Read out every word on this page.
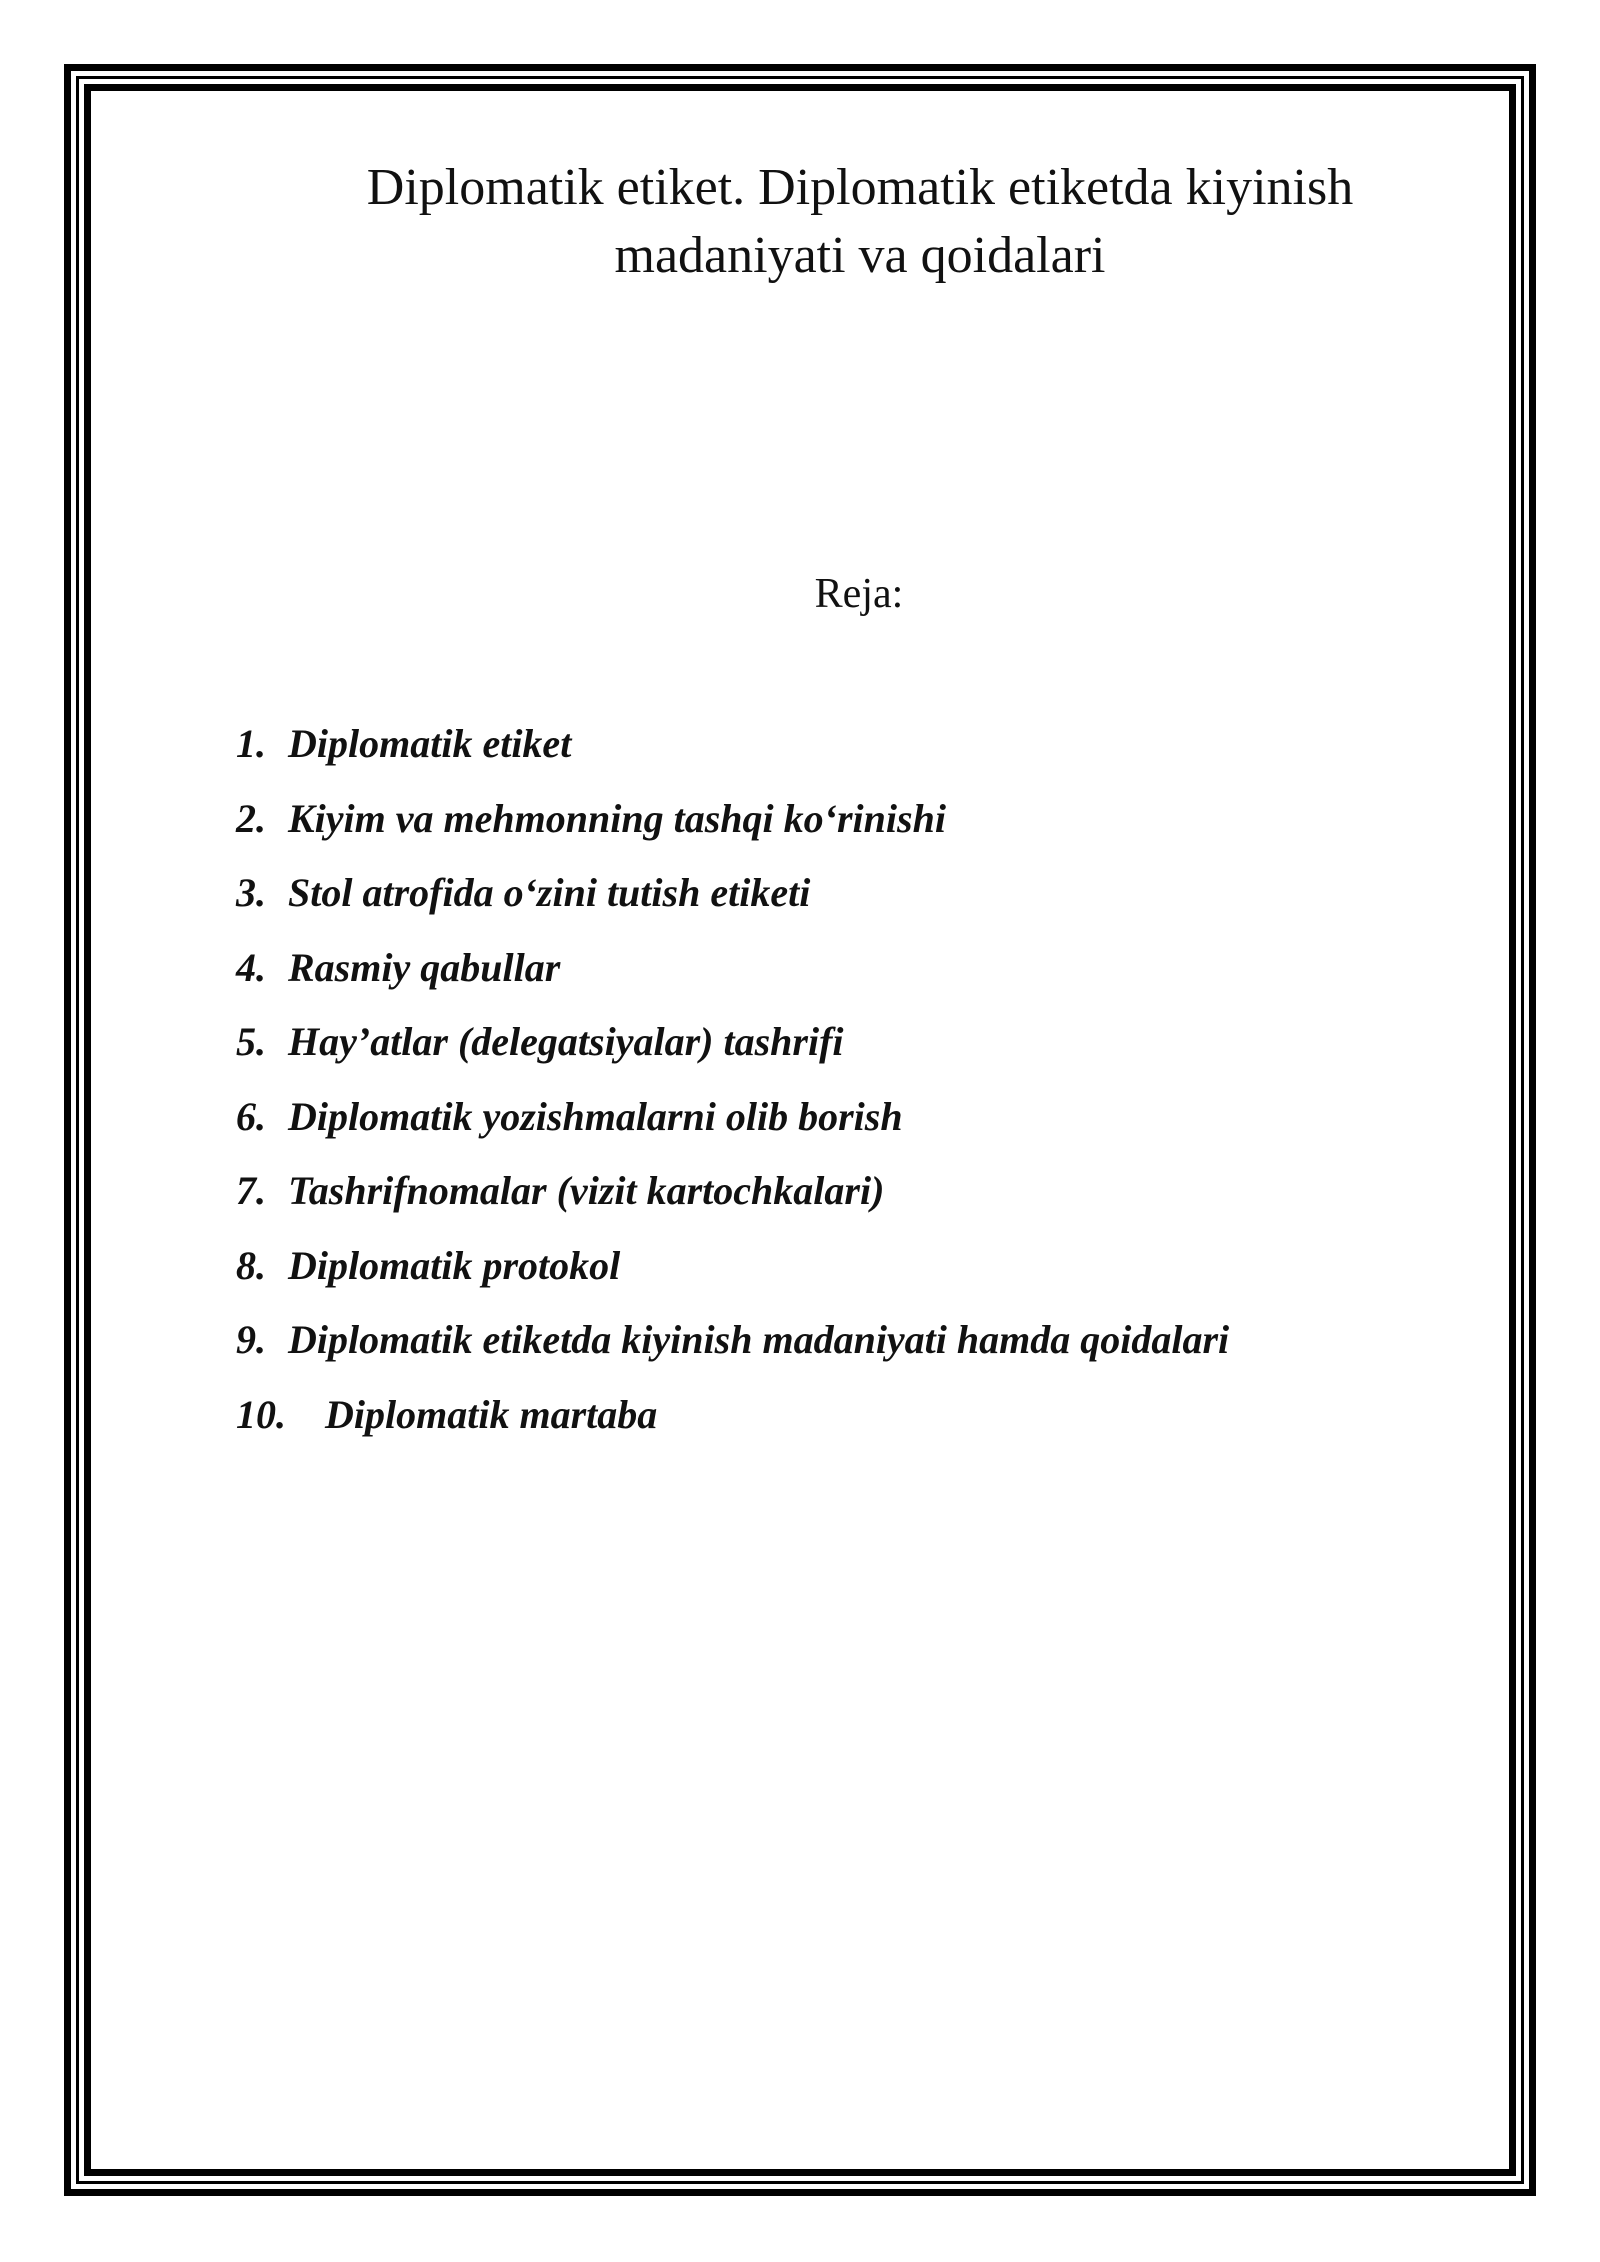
Diplomatik etiket. Diplomatik etiketda kiyinish
madaniyati va qoidalari
Reja:
1. Diplomatik etiket
2. Kiyim va mehmonning tashqi ko‘rinishi
3. Stol atrofida o‘zini tutish etiketi
4. Rasmiy qabullar
5. Hay’atlar (delegatsiyalar) tashrifi
6. Diplomatik yozishmalarni olib borish
7. Tashrifnomalar (vizit kartochkalari)
8. Diplomatik protokol
9. Diplomatik etiketda kiyinish madaniyati hamda qoidalari
10. Diplomatik martaba
